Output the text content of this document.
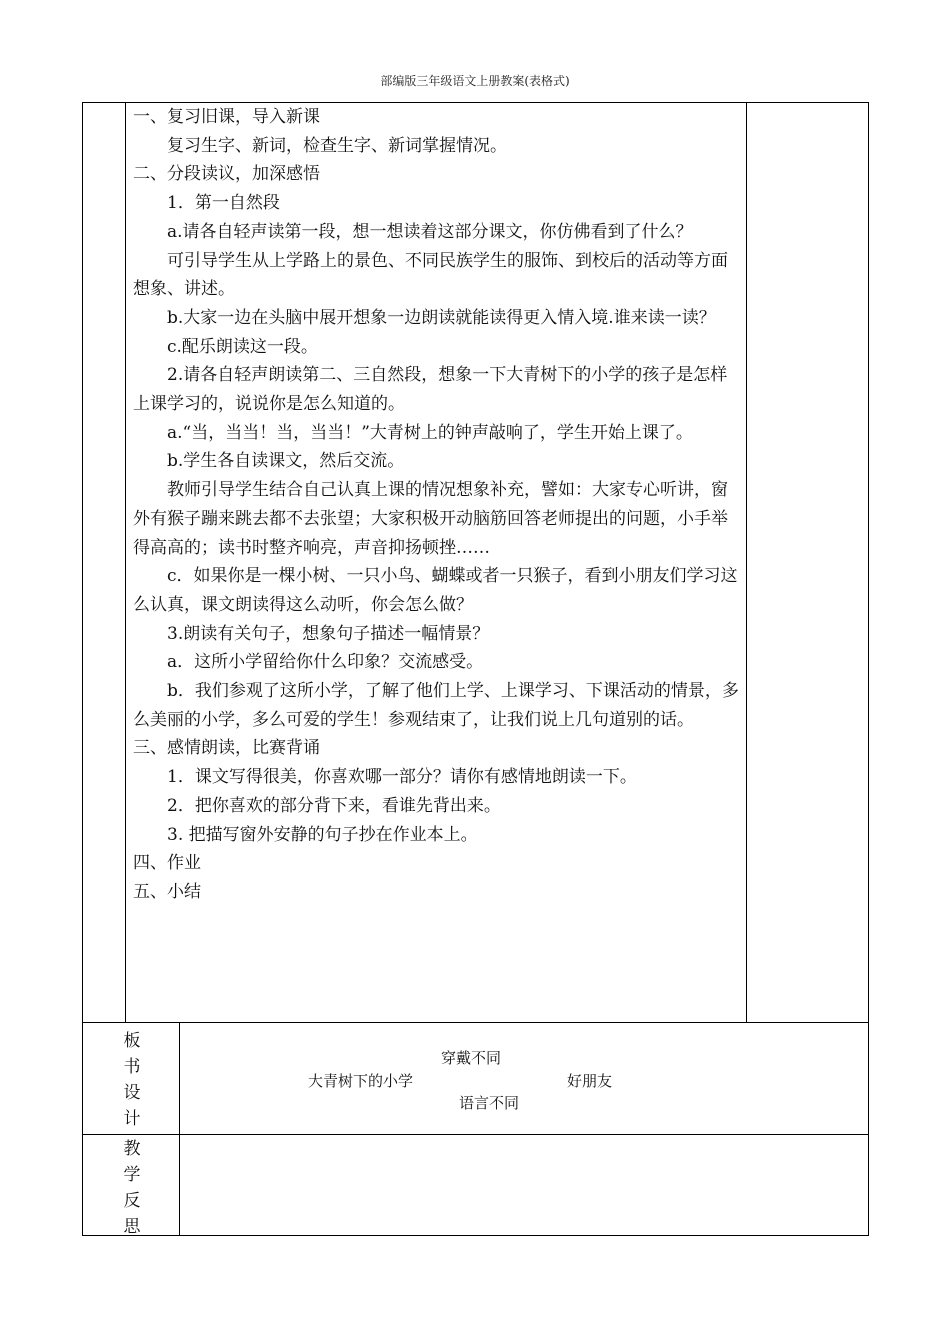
部编版三年级语文上册教案(表格式)

一、复习旧课，导入新课

复习生字、新词，检查生字、新词掌握情况。

二、分段读议，加深感悟

1．第一自然段

a.请各自轻声读第一段，想一想读着这部分课文，你仿佛看到了什么？

可引导学生从上学路上的景色、不同民族学生的服饰、到校后的活动等方面想象、讲述。

b.大家一边在头脑中展开想象一边朗读就能读得更入情入境.谁来读一读？

c.配乐朗读这一段。

2.请各自轻声朗读第二、三自然段，想象一下大青树下的小学的孩子是怎样上课学习的，说说你是怎么知道的。

a.“当，当当！当，当当！”大青树上的钟声敲响了，学生开始上课了。

b.学生各自读课文，然后交流。

教师引导学生结合自己认真上课的情况想象补充，譬如：大家专心听讲，窗外有猴子蹦来跳去都不去张望；大家积极开动脑筋回答老师提出的问题，小手举得高高的；读书时整齐响亮，声音抑扬顿挫……

c．如果你是一棵小树、一只小鸟、蝴蝶或者一只猴子，看到小朋友们学习这么认真，课文朗读得这么动听，你会怎么做？

3.朗读有关句子，想象句子描述一幅情景？

a．这所小学留给你什么印象？交流感受。

b．我们参观了这所小学，了解了他们上学、上课学习、下课活动的情景，多么美丽的小学，多么可爱的学生！参观结束了，让我们说上几句道别的话。

三、感情朗读，比赛背诵

1．课文写得很美，你喜欢哪一部分？请你有感情地朗读一下。

2．把你喜欢的部分背下来，看谁先背出来。

3. 把描写窗外安静的句子抄在作业本上。

四、作业

五、小结

板
书
设
计
穿戴不同
大青树下的小学	好朋友
语言不同
教
学
反
思
